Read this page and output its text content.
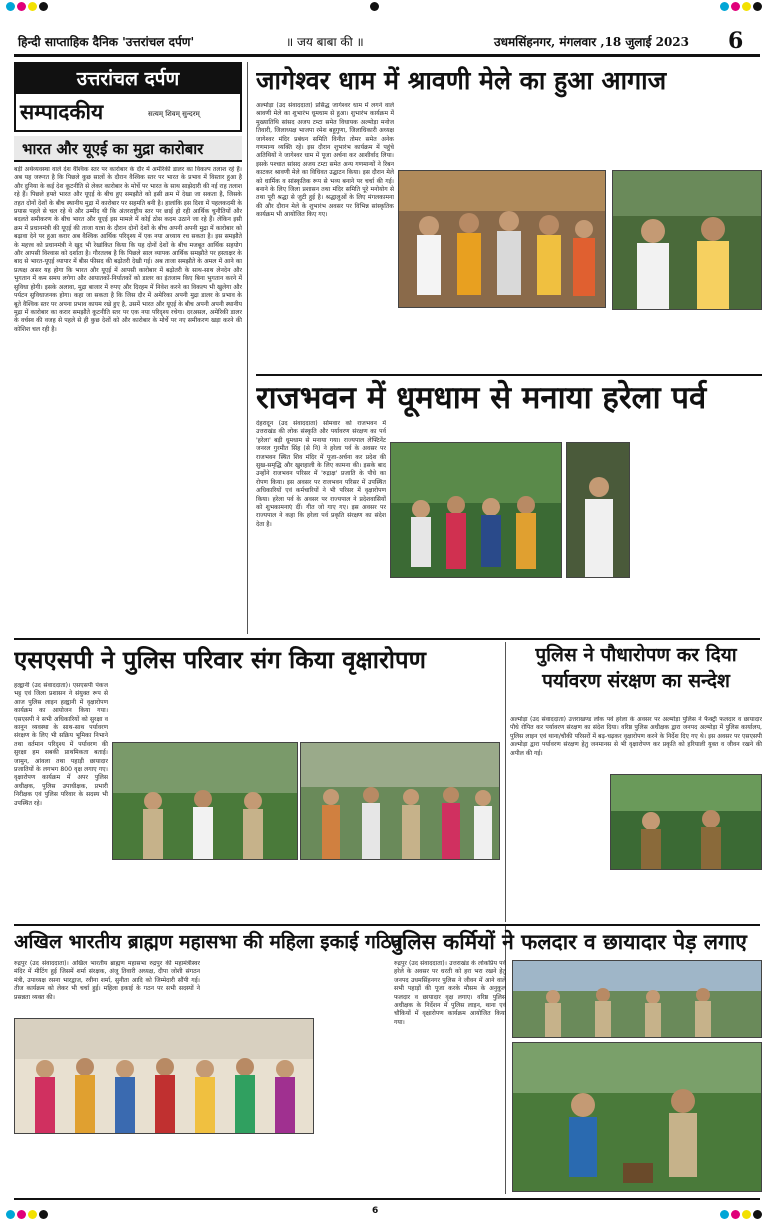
हिन्दी साप्ताहिक दैनिक 'उत्तरांचल दर्पण'	॥ जय बाबा की ॥	उधमसिंहनगर, मंगलवार ,18 जुलाई 2023 6
उत्तरांचल दर्पण
सम्पादकीय	सत्यम् शिवम् सुन्दरम्
भारत और यूएई का मुद्रा कारोबार
बड़ी अर्थव्यवस्था वाले देश वैश्विक स्तर पर कारोबार के दौर में अमेरिकी डालर का विकल्प तलाश रहे हैं। अब यह जरूरत है कि पिछले कुछ सालों के दौरान वैश्विक स्तर पर भारत के प्रभाव में विस्तार हुआ है और दुनिया के कई देश कूटनीति से लेकर कारोबार के मोर्चे पर भारत के साथ साझेदारी की नई राह तलाश रहे हैं। पिछले हफ्ते भारत और यूएई के बीच हुए समझौते को इसी क्रम में देखा जा सकता है, जिसके तहत दोनों देशों के बीच स्थानीय मुद्रा में कारोबार पर सहमति बनी है। हालांकि इस दिशा में पहलकदमी के प्रयास पहले से चल रहे थे और उम्मीद थी कि अंतरराष्ट्रीय स्तर पर छाई हो रही आर्थिक चुनौतियों और बदलते समीकरण के बीच भारत और यूएई इस मामले में कोई ठोस कदम उठाने जा रहे हैं। लेकिन इसी क्रम में प्रधानमंत्री की यूएई की ताजा यात्रा के दौरान दोनों देशों के बीच अपनी अपनी मुद्रा में कारोबार को बढ़ावा देने पर हुआ करार अब वैश्विक आर्थिक परिदृश्य में एक नया अध्याय रच सकता है। इस समझौते के महत्त्व को प्रधानमंत्री ने खुद भी रेखांकित किया कि यह दोनों देशों के बीच मजबूत आर्थिक सहयोग और आपसी विश्वास को दर्शाता है। गौरतलब है कि पिछले साल व्यापक आर्थिक समझौते पर हस्ताक्षर के बाद से भारत-यूएई व्यापार में बीस फीसद की बढ़ोतरी देखी गई। अब ताजा समझौते के अमल में आने का प्रत्यक्ष असर यह होगा कि भारत और यूएई में आपसी कारोबार में बढ़ोतरी के साथ-साथ लेनदेन और भुगतान में कम समय लगेगा और आयातकों-निर्यातकों को डालर का इंतजाम किए बिना भुगतान करने में सुविधा होगी। इसके अलावा, मुद्रा बाजार में रुपए और दिरहम में निवेश करने का विकल्प भी खुलेगा और पर्यटन सुविधाजनक होगा। कहा जा सकता है कि जिस दौर में अमेरिका अपनी मुद्रा डालर के प्रभाव के बूते वैश्विक स्तर पर अपना प्रभाव कायम रखे हुए है, उसमें भारत और यूएई के बीच अपनी अपनी स्थानीय मुद्रा में कारोबार का करार समझौते कूटनीति स्तर पर एक नया परिदृश्य रचेगा। दरअसल, अमेरिकी डालर के वर्चस्व की वजह से पहले से ही कुछ देशों को और कारोबार के मोर्चे पर नए समीकरण खड़ा करने की कोशिश चल रही है।
जागेश्वर धाम में श्रावणी मेले का हुआ आगाज
अल्मोड़ा (उद संवाददाता) प्रसिद्ध जागेश्वर धाम में लगने वाले श्रावणी मेले का शुभारंभ धूमधाम से हुआ। शुभारंभ कार्यक्रम में मुख्यातिथि सांसद अजय टम्टा समेत विधायक अल्मोड़ा मनोज तिवारी, जिलाध्यक्ष भाजपा रमेश बहुगुणा, जिलाधिकारी अध्यक्ष जागेश्वर मंदिर प्रबंधन समिति विनीत तोमर समेत अनेक गणमान्य व्यक्ति रहे। इस दौरान शुभारंभ कार्यक्रम में पहुंचे अतिथियों ने जागेश्वर धाम में पूजा अर्चना कर आशीर्वाद लिया। इसके पश्चात सांसद अजय टम्टा समेत अन्य गणमान्यों ने रिबन काटकर श्रावणी मेले का विधिवत उद्घाटन किया। इस दौरान मेले को धार्मिक व सांस्कृतिक रूप से भव्य बनाने पर चर्चा की गई। बनाने के लिए जिला प्रशासन तथा मंदिर समिति पूरे मनोयोग से तथा पूरी श्रद्धा से जुटी हुई है। श्रद्धालुओं के लिए मंगलकामना की और दौरान मेले के शुभारंभ अवसर पर विभिन्न सांस्कृतिक कार्यक्रम भी आयोजित किए गए।
राजभवन में धूमधाम से मनाया हरेला पर्व
देहरादून (उद संवाददाता) सोमवार को राजभवन में उत्तराखंड की लोक संस्कृति और पर्यावरण संरक्षण का पर्व 'हरेला' बड़ी धूमधाम से मनाया गया। राज्यपाल लेफ्टिनेंट जनरल गुरमीत सिंह (से नि) ने हरेला पर्व के अवसर पर राजभवन स्थित शिव मंदिर में पूजा-अर्चना कर प्रदेश की सुख-समृद्धि और खुशहाली के लिए कामना की। इसके बाद उन्होंने राजभवन परिसर में 'रुद्राक्ष' प्रजाति के पौधे का रोपण किया। इस अवसर पर राजभवन परिसर में उपस्थित अधिकारियों एवं कर्मचारियों ने भी परिसर में वृक्षारोपण किया। हरेला पर्व के अवसर पर राज्यपाल ने प्रदेशवासियों को शुभकामनाएं दीं। गीत जो गाए गए। इस अवसर पर राज्यपाल ने कहा कि हरेला पर्व प्रकृति संरक्षण का संदेश देता है।
एसएसपी ने पुलिस परिवार संग किया वृक्षारोपण
हल्द्वानी (उद संवाददाता)। एसएसपी पंकज भट्ट एवं जिला प्रशासन ने संयुक्त रूप से आज पुलिस लाइन हल्द्वानी में वृक्षारोपण कार्यक्रम का आयोजन किया गया। एसएसपी ने सभी अधिकारियों को सुरक्षा व कानून व्यवस्था के साथ-साथ पर्यावरण संरक्षण के लिए भी सक्रिय भूमिका निभाने तथा वर्तमान परिदृश्य में पर्यावरण की सुरक्षा हम सबकी प्राथमिकता बताई। जामुन, आंवला तथा पहाड़ी छायादार प्रजातियों के लगभग 800 वृक्ष लगाए गए। वृक्षारोपण कार्यक्रम में अपर पुलिस अधीक्षक, पुलिस उपाधीक्षक, प्रभारी निरीक्षक एवं पुलिस परिवार के सदस्य भी उपस्थित रहे।
पुलिस ने पौधारोपण कर दिया
पर्यावरण संरक्षण का सन्देश
अल्मोड़ा (उद संवाददाता) उत्तराखण्ड लोक पर्व हरेला के अवसर पर अल्मोड़ा पुलिस ने फैक्ट्री फलदार व छायादार पौधे रोपित कर पर्यावरण संरक्षण का संदेश दिया। वरिष्ठ पुलिस अधीक्षक द्वारा जनपद अल्मोड़ा में पुलिस कार्यालय, पुलिस लाइन एवं थाना/चौकी परिसरों में बढ़-चढ़कर वृक्षारोपण करने के निर्देश दिए गए थे। इस अवसर पर एसएसपी अल्मोड़ा द्वारा पर्यावरण संरक्षण हेतु जनमानस से भी वृक्षारोपण कर प्रकृति को हरियाली युक्त व जीवन रखने की अपील की गई।
अखिल भारतीय ब्राह्मण महासभा की महिला इकाई गठित
रुद्रपुर (उद संवाददाता)। अखिल भारतीय ब्राह्मण महासभा रुद्रपुर की महामंत्रीस्वर मंदिर में मीटिंग हुई जिसमें शर्मा संरक्षक, अंजू तिवारी अध्यक्ष, दीपा जोशी संगठन मंत्री, उपाध्यक्ष रसना भारद्वाज, रवीना शर्मा, सुनीता आदि को जिम्मेदारी सौंपी गई। तीज कार्यक्रम को लेकर भी चर्चा हुई। महिला इकाई के गठन पर सभी सदस्यों ने प्रसन्नता व्यक्त की।
पुलिस कर्मियों ने फलदार व छायादार पेड़ लगाए
रुद्रपुर (उद संवाददाता)। उत्तराखंड के लोकप्रिय पर्व हरेले के अवसर पर धरती को हरा भरा रखने हेतु जनपद उधमसिंहनगर पुलिस ने जीवन में आने वाले सभी पहाड़ों की पूजा करके मौसम के अनुकूल फलदार व छायादार वृक्ष लगाए। वरिष्ठ पुलिस अधीक्षक के निर्देशन में पुलिस लाइन, थाना एवं चौकियों में वृक्षारोपण कार्यक्रम आयोजित किया गया।
6
